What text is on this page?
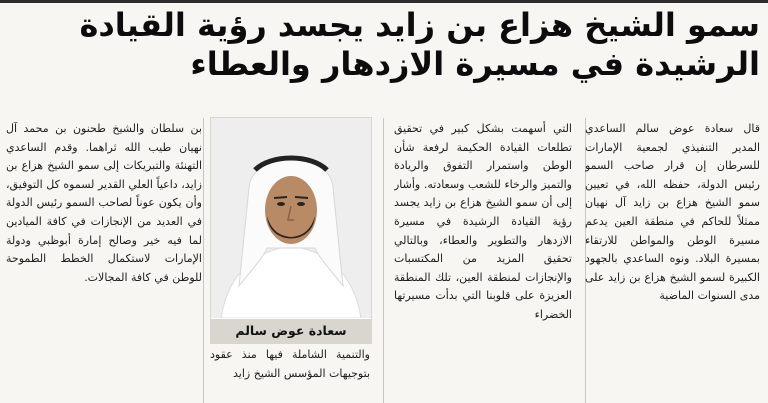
سمو الشيخ هزاع بن زايد يجسد رؤية القيادة
الرشيدة في مسيرة الازدهار والعطاء

قال سعادة عوض سالم الساعدي المدير التنفيذي لجمعية الإمارات للسرطان إن قرار صاحب السمو رئيس الدولة، حفظه الله، في تعيين سمو الشيخ هزاع بن زايد آل نهيان ممثلاً للحاكم في منطقة العين يدعم مسيرة الوطن والمواطن للارتقاء بمسيرة البلاد. ونوه الساعدي بالجهود الكبيرة لسمو الشيخ هزاع بن زايد على مدى السنوات الماضية

التي أسهمت بشكل كبير في تحقيق تطلعات القيادة الحكيمة لرفعة شأن الوطن واستمرار التفوق والريادة والتميز والرخاء للشعب وسعادته. وأشار إلى أن سمو الشيخ هزاع بن زايد يجسد رؤية القيادة الرشيدة في مسيرة الازدهار والتطوير والعطاء، وبالتالي تحقيق المزيد من المكتسبات والإنجازات لمنطقة العين، تلك المنطقة العزيزة على قلوبنا التي بدأت مسيرتها الخضراء

سعادة عوض سالم

والتنمية الشاملة فيها منذ عقود بتوجيهات المؤسس الشيخ زايد

بن سلطان والشيخ طحنون بن محمد آل نهيان طيب الله ثراهما. وقدم الساعدي التهنئة والتبريكات إلى سمو الشيخ هزاع بن زايد، داعياً العلي القدير لسموه كل التوفيق، وأن يكون عوناً لصاحب السمو رئيس الدولة في العديد من الإنجازات في كافة الميادين لما فيه خير وصالح إمارة أبوظبي ودولة الإمارات لاستكمال الخطط الطموحة للوطن في كافة المجالات.
